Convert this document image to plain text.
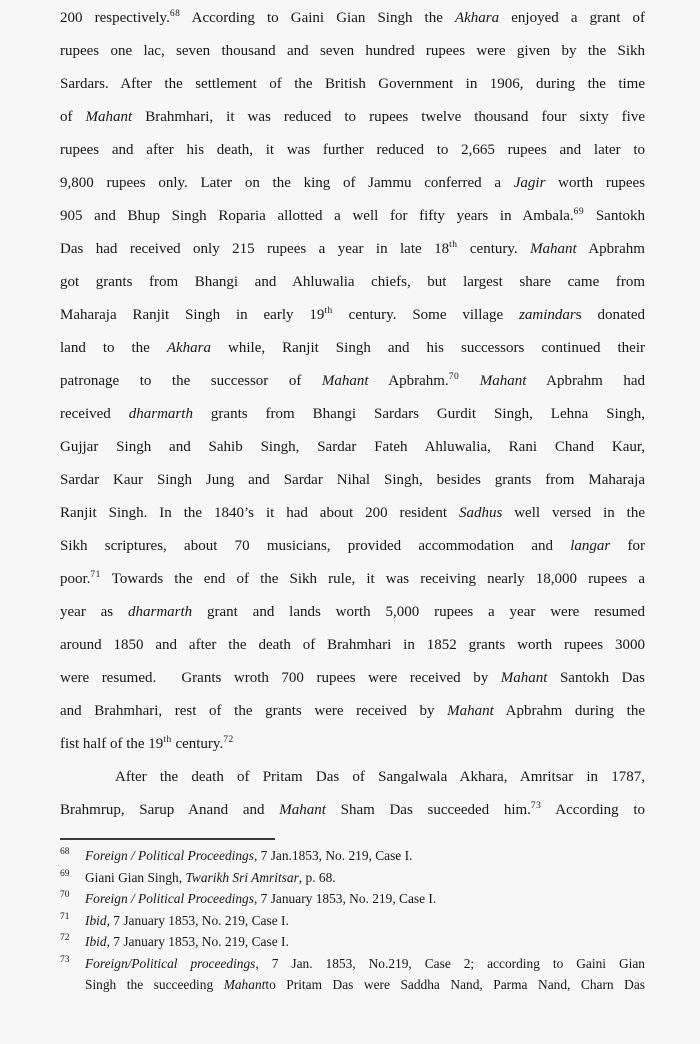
200 respectively.$^{68}$ According to Gaini Gian Singh the Akhara enjoyed a grant of
rupees one lac, seven thousand and seven hundred rupees were given by the Sikh
Sardars. After the settlement of the British Government in 1906, during the time
of Mahant Brahmhari, it was reduced to rupees twelve thousand four sixty five
rupees and after his death, it was further reduced to 2,665 rupees and later to
9,800 rupees only. Later on the king of Jammu conferred a Jagir worth rupees
905 and Bhup Singh Roparia allotted a well for fifty years in Ambala.$^{69}$ Santokh
Das had received only 215 rupees a year in late 18th century. Mahant Apbrahm
got grants from Bhangi and Ahluwalia chiefs, but largest share came from
Maharaja Ranjit Singh in early 19th century. Some village zamindars donated
land to the Akhara while, Ranjit Singh and his successors continued their
patronage to the successor of Mahant Apbrahm.$^{70}$ Mahant Apbrahm had
received dharmarth grants from Bhangi Sardars Gurdit Singh, Lehna Singh,
Gujjar Singh and Sahib Singh, Sardar Fateh Ahluwalia, Rani Chand Kaur,
Sardar Kaur Singh Jung and Sardar Nihal Singh, besides grants from Maharaja
Ranjit Singh. In the 1840’s it had about 200 resident Sadhus well versed in the
Sikh scriptures, about 70 musicians, provided accommodation and langar for
poor.$^{71}$ Towards the end of the Sikh rule, it was receiving nearly 18,000 rupees a
year as dharmarth grant and lands worth 5,000 rupees a year were resumed
around 1850 and after the death of Brahmhari in 1852 grants worth rupees 3000
were resumed.  Grants wroth 700 rupees were received by Mahant Santokh Das
and Brahmhari, rest of the grants were received by Mahant Apbrahm during the
fist half of the 19th century.$^{72}$
After the death of Pritam Das of Sangalwala Akhara, Amritsar in 1787,
Brahmrup, Sarup Anand and Mahant Sham Das succeeded him.$^{73}$ According to
68	Foreign / Political Proceedings, 7 Jan.1853, No. 219, Case I.
69	Giani Gian Singh, Twarikh Sri Amritsar, p. 68.
70	Foreign / Political Proceedings, 7 January 1853, No. 219, Case I.
71	Ibid, 7 January 1853, No. 219, Case I.
72	Ibid, 7 January 1853, No. 219, Case I.
73	Foreign/Political proceedings, 7 Jan. 1853, No.219, Case 2; according to Gaini Gian
Singh the succeeding Mahantto Pritam Das were Saddha Nand, Parma Nand, Charn Das
